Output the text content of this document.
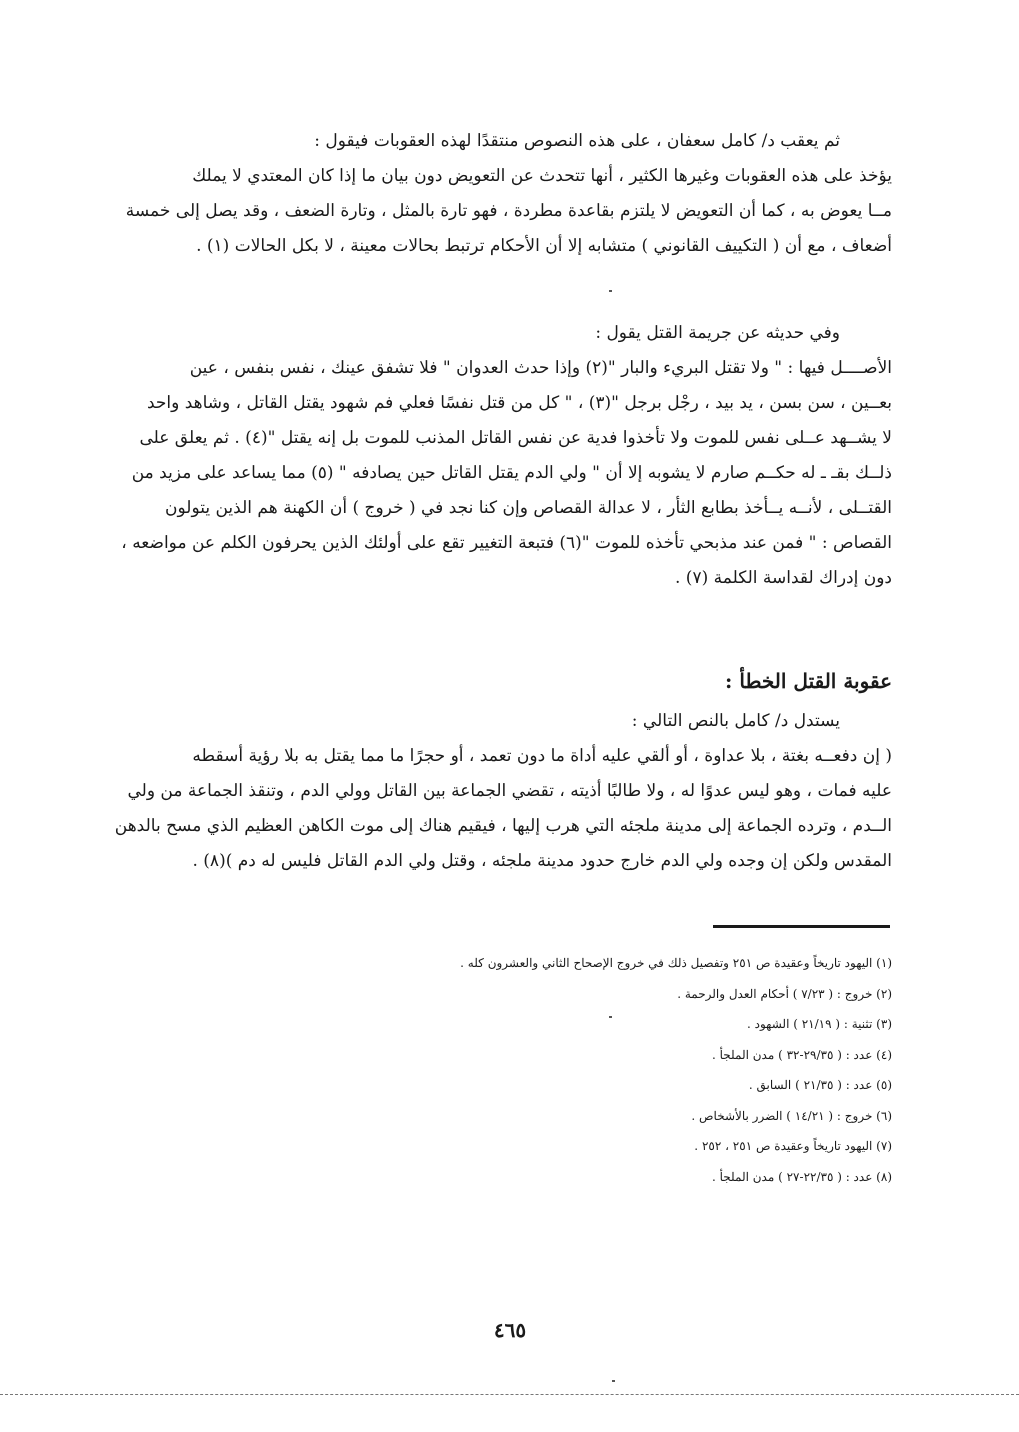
ثم يعقب د/ كامل سعفان ، على هذه النصوص منتقدًا لهذه العقوبات فيقول :
يؤخذ على هذه العقوبات وغيرها الكثير ، أنها تتحدث عن التعويض دون بيان ما إذا كان المعتدي لا يملك
مــا يعوض به ، كما أن التعويض لا يلتزم بقاعدة مطردة ، فهو تارة بالمثل ، وتارة الضعف ، وقد يصل إلى خمسة
أضعاف ، مع أن ( التكييف القانوني ) متشابه إلا أن الأحكام ترتبط بحالات معينة ، لا بكل الحالات (١) .
وفي حديثه عن جريمة القتل يقول :
الأصــــل فيها : " ولا تقتل البريء والبار "(٢) وإذا حدث العدوان " فلا تشفق عينك ، نفس بنفس ، عين
بعــين ، سن بسن ، يد بيد ، رجْل برجل "(٣) ، " كل من قتل نفسًا فعلي فم شهود يقتل القاتل ، وشاهد واحد
لا يشــهد عــلى نفس للموت ولا تأخذوا فدية عن نفس القاتل المذنب للموت بل إنه يقتل "(٤) . ثم يعلق على
ذلــك بقـ ـ له حكــم صارم لا يشوبه إلا أن " ولي الدم يقتل القاتل حين يصادفه " (٥) مما يساعد على مزيد من
القتــلى ، لأنــه يــأخذ بطابع الثأر ، لا عدالة القصاص وإن كنا نجد في ( خروج ) أن الكهنة هم الذين يتولون
القصاص : " فمن عند مذبحي تأخذه للموت "(٦) فتبعة التغيير تقع على أولئك الذين يحرفون الكلم عن مواضعه ،
دون إدراك لقداسة الكلمة (٧) .
عقوبة القتل الخطأ :
يستدل د/ كامل بالنص التالي :
( إن دفعــه بغتة ، بلا عداوة ، أو ألقي عليه أداة ما دون تعمد ، أو حجرًا ما مما يقتل به بلا رؤية أسقطه
عليه فمات ، وهو ليس عدوًا له ، ولا طالبًا أذيته ، تقضي الجماعة بين القاتل وولي الدم ، وتنقذ الجماعة من ولي
الــدم ، وترده الجماعة إلى مدينة ملجئه التي هرب إليها ، فيقيم هناك إلى موت الكاهن العظيم الذي مسح بالدهن
المقدس ولكن إن وجده ولي الدم خارج حدود مدينة ملجئه ، وقتل ولي الدم القاتل فليس له دم )(٨) .
(١) اليهود تاريخاً وعقيدة ص ٢٥١ وتفصيل ذلك في خروج الإصحاح الثاني والعشرون كله .
(٢) خروج : ( ٧/٢٣ ) أحكام العدل والرحمة .
(٣) تثنية : ( ٢١/١٩ ) الشهود .
(٤) عدد : ( ٢٩/٣٥-٣٢ ) مدن الملجأ .
(٥) عدد : ( ٢١/٣٥ ) السابق .
(٦) خروج : ( ١٤/٢١ ) الضرر بالأشخاص .
(٧) اليهود تاريخاً وعقيدة ص ٢٥١ ، ٢٥٢ .
(٨) عدد : ( ٢٢/٣٥-٢٧ ) مدن الملجأ .
٤٦٥
